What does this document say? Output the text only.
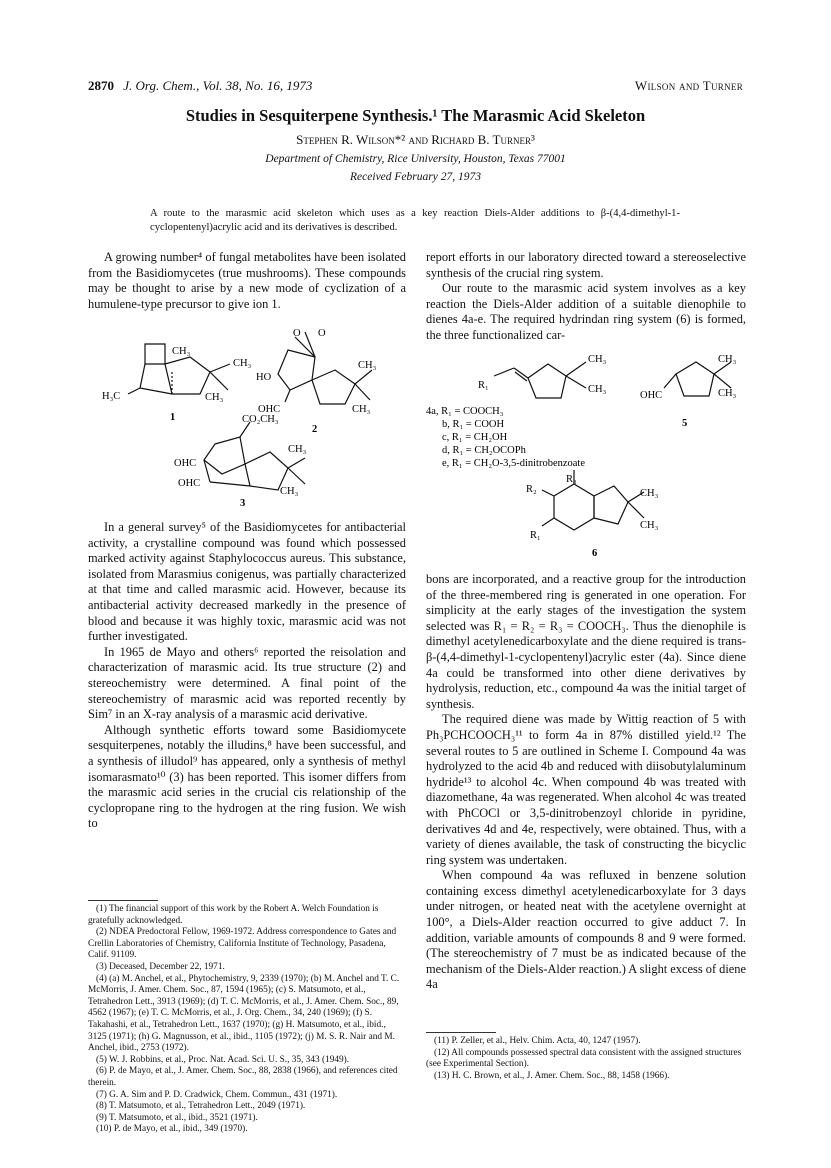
2870 J. Org. Chem., Vol. 38, No. 16, 1973	Wilson and Turner
Studies in Sesquiterpene Synthesis.¹ The Marasmic Acid Skeleton
Stephen R. Wilson*² and Richard B. Turner³
Department of Chemistry, Rice University, Houston, Texas 77001
Received February 27, 1973
A route to the marasmic acid skeleton which uses as a key reaction Diels-Alder additions to β-(4,4-dimethyl-1-cyclopentenyl)acrylic acid and its derivatives is described.

A growing number⁴ of fungal metabolites have been isolated from the Basidiomycetes (true mushrooms). These compounds may be thought to arise by a new mode of cyclization of a humulene-type precursor to give ion 1.

CH₃
CH₃
H₃C	CH₃
1
O O
HO
CH₃
OHC	CH₃
2
CO₂CH₃
CH₃
OHC
OHC
CH₃
3

In a general survey⁵ of the Basidiomycetes for antibacterial activity, a crystalline compound was found which possessed marked activity against Staphylococcus aureus. This substance, isolated from Marasmius conigenus, was partially characterized at that time and called marasmic acid. However, because its antibacterial activity decreased markedly in the presence of blood and because it was highly toxic, marasmic acid was not further investigated.

In 1965 de Mayo and others⁶ reported the reisolation and characterization of marasmic acid. Its true structure (2) and stereochemistry were determined. A final point of the stereochemistry of marasmic acid was reported recently by Sim⁷ in an X-ray analysis of a marasmic acid derivative.

Although synthetic efforts toward some Basidiomycete sesquiterpenes, notably the illudins,⁸ have been successful, and a synthesis of illudol⁹ has appeared, only a synthesis of methyl isomarasmato¹⁰ (3) has been reported. This isomer differs from the marasmic acid series in the crucial cis relationship of the cyclopropane ring to the hydrogen at the ring fusion. We wish to

(1) The financial support of this work by the Robert A. Welch Foundation is gratefully acknowledged.
(2) NDEA Predoctoral Fellow, 1969-1972. Address correspondence to Gates and Crellin Laboratories of Chemistry, California Institute of Technology, Pasadena, Calif. 91109.
(3) Deceased, December 22, 1971.
(4) (a) M. Anchel, et al., Phytochemistry, 9, 2339 (1970); (b) M. Anchel and T. C. McMorris, J. Amer. Chem. Soc., 87, 1594 (1965); (c) S. Matsumoto, et al., Tetrahedron Lett., 3913 (1969); (d) T. C. McMorris, et al., J. Amer. Chem. Soc., 89, 4562 (1967); (e) T. C. McMorris, et al., J. Org. Chem., 34, 240 (1969); (f) S. Takahashi, et al., Tetrahedron Lett., 1637 (1970); (g) H. Matsumoto, et al., ibid., 3125 (1971); (h) G. Magnusson, et al., ibid., 1105 (1972); (j) M. S. R. Nair and M. Anchel, ibid., 2753 (1972).
(5) W. J. Robbins, et al., Proc. Nat. Acad. Sci. U. S., 35, 343 (1949).
(6) P. de Mayo, et al., J. Amer. Chem. Soc., 88, 2838 (1966), and references cited therein.
(7) G. A. Sim and P. D. Cradwick, Chem. Commun., 431 (1971).
(8) T. Matsumoto, et al., Tetrahedron Lett., 2049 (1971).
(9) T. Matsumoto, et al., ibid., 3521 (1971).
(10) P. de Mayo, et al., ibid., 349 (1970).

report efforts in our laboratory directed toward a stereoselective synthesis of the crucial ring system.

Our route to the marasmic acid system involves as a key reaction the Diels-Alder addition of a suitable dienophile to dienes 4a-e. The required hydrindan ring system (6) is formed, the three functionalized car-

R₁
CH₃
CH₃
4a, R₁ = COOCH₃
b, R₁ = COOH
c, R₁ = CH₂OH
d, R₁ = CH₂OCOPh
e, R₁ = CH₂O-3,5-dinitrobenzoate
OHC
CH₃
CH₃
5
R₃
R₂
R₁
CH₃
CH₃
6

bons are incorporated, and a reactive group for the introduction of the three-membered ring is generated in one operation. For simplicity at the early stages of the investigation the system selected was R₁ = R₂ = R₃ = COOCH₃. Thus the dienophile is dimethyl acetylenedicarboxylate and the diene required is trans-β-(4,4-dimethyl-1-cyclopentenyl)acrylic ester (4a). Since diene 4a could be transformed into other diene derivatives by hydrolysis, reduction, etc., compound 4a was the initial target of synthesis.

The required diene was made by Wittig reaction of 5 with Ph₃PCHCOOCH₃¹¹ to form 4a in 87% distilled yield.¹² The several routes to 5 are outlined in Scheme I. Compound 4a was hydrolyzed to the acid 4b and reduced with diisobutylaluminum hydride¹³ to alcohol 4c. When compound 4b was treated with diazomethane, 4a was regenerated. When alcohol 4c was treated with PhCOCl or 3,5-dinitrobenzoyl chloride in pyridine, derivatives 4d and 4e, respectively, were obtained. Thus, with a variety of dienes available, the task of constructing the bicyclic ring system was undertaken.

When compound 4a was refluxed in benzene solution containing excess dimethyl acetylenedicarboxylate for 3 days under nitrogen, or heated neat with the acetylene overnight at 100°, a Diels-Alder reaction occurred to give adduct 7. In addition, variable amounts of compounds 8 and 9 were formed. (The stereochemistry of 7 must be as indicated because of the mechanism of the Diels-Alder reaction.) A slight excess of diene 4a

(11) P. Zeller, et al., Helv. Chim. Acta, 40, 1247 (1957).
(12) All compounds possessed spectral data consistent with the assigned structures (see Experimental Section).
(13) H. C. Brown, et al., J. Amer. Chem. Soc., 88, 1458 (1966).
